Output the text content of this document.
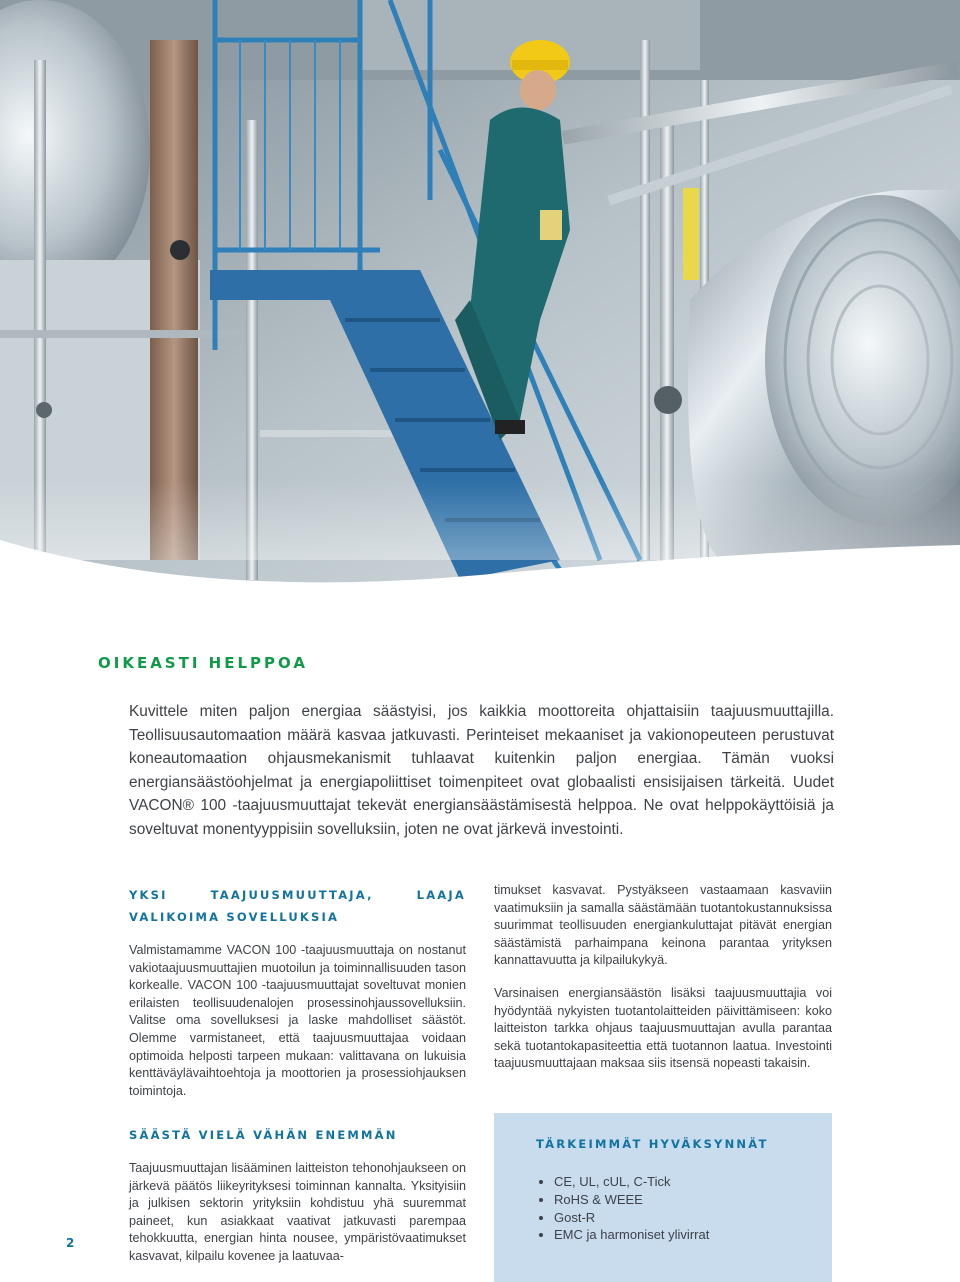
OIKEASTI HELPPOA
Kuvittele miten paljon energiaa säästyisi, jos kaikkia moottoreita ohjattaisiin taajuusmuuttajilla. Teollisuusautomaation määrä kasvaa jatkuvasti. Perinteiset mekaaniset ja vakionopeuteen perustuvat koneautomaation ohjausmekanismit tuhlaavat kuitenkin paljon energiaa. Tämän vuoksi energiansäästöohjelmat ja energiapoliittiset toimenpiteet ovat globaalisti ensisijaisen tärkeitä. Uudet VACON® 100 -taajuusmuuttajat tekevät energiansäästämisestä helppoa. Ne ovat helppokäyttöisiä ja soveltuvat monentyyppisiin sovelluksiin, joten ne ovat järkevä investointi.
YKSI TAAJUUSMUUTTAJA, LAAJA VALIKOIMA SOVELLUKSIA

Valmistamamme VACON 100 -taajuusmuuttaja on nostanut vakiotaajuusmuuttajien muotoilun ja toiminnallisuuden tason korkealle. VACON 100 -taajuusmuuttajat soveltuvat monien erilaisten teollisuudenalojen prosessinohjaussovelluksiin. Valitse oma sovelluksesi ja laske mahdolliset säästöt. Olemme varmistaneet, että taajuusmuuttajaa voidaan optimoida helposti tarpeen mukaan: valittavana on lukuisia kenttäväylävaihtoehtoja ja moottorien ja prosessiohjauksen toimintoja.

SÄÄSTÄ VIELÄ VÄHÄN ENEMMÄN

Taajuusmuuttajan lisääminen laitteiston tehonohjaukseen on järkevä päätös liikeyrityksesi toiminnan kannalta. Yksityisiin ja julkisen sektorin yrityksiin kohdistuu yhä suuremmat paineet, kun asiakkaat vaativat jatkuvasti parempaa tehokkuutta, energian hinta nousee, ympäristövaatimukset kasvavat, kilpailu kovenee ja laatuvaa-

timukset kasvavat. Pystyäkseen vastaamaan kasvaviin vaatimuksiin ja samalla säästämään tuotantokustannuksissa suurimmat teollisuuden energiankuluttajat pitävät energian säästämistä parhaimpana keinona parantaa yrityksen kannattavuutta ja kilpailukykyä.

Varsinaisen energiansäästön lisäksi taajuusmuuttajia voi hyödyntää nykyisten tuotantolaitteiden päivittämiseen: koko laitteiston tarkka ohjaus taajuusmuuttajan avulla parantaa sekä tuotantokapasiteettia että tuotannon laatua. Investointi taajuusmuuttajaan maksaa siis itsensä nopeasti takaisin.

TÄRKEIMMÄT HYVÄKSYNNÄT
• CE, UL, cUL, C-Tick
• RoHS & WEEE
• Gost-R
• EMC ja harmoniset ylivirrat
2
